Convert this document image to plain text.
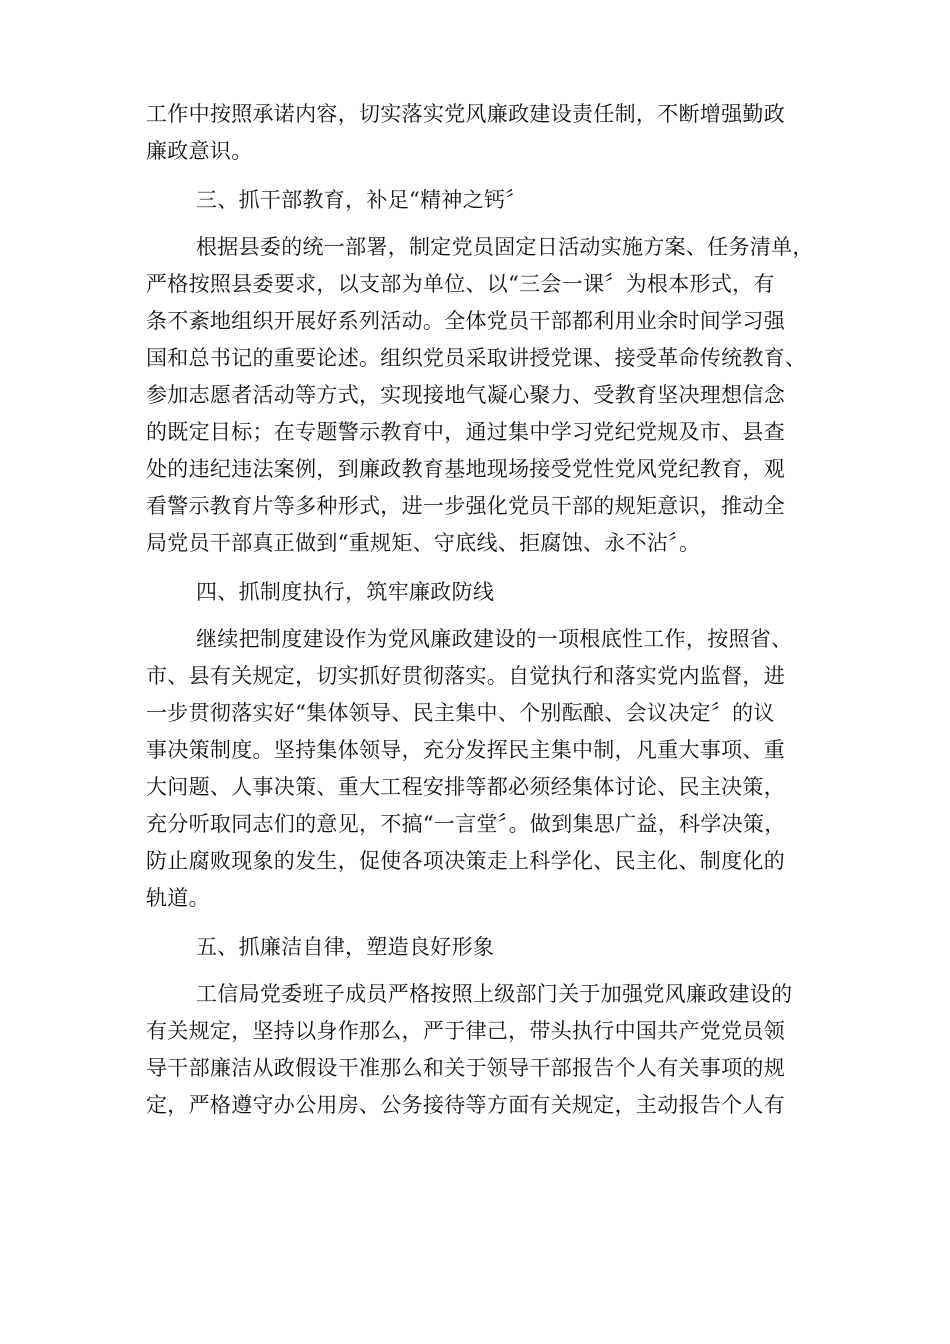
工作中按照承诺内容，切实落实党风廉政建设责任制，不断增强勤政
廉政意识。
三、抓干部教育，补足“精神之钙〞
根据县委的统一部署，制定党员固定日活动实施方案、任务清单，
严格按照县委要求，以支部为单位、以“三会一课〞为根本形式，有
条不紊地组织开展好系列活动。全体党员干部都利用业余时间学习强
国和总书记的重要论述。组织党员采取讲授党课、接受革命传统教育、
参加志愿者活动等方式，实现接地气凝心聚力、受教育坚决理想信念
的既定目标；在专题警示教育中，通过集中学习党纪党规及市、县查
处的违纪违法案例，到廉政教育基地现场接受党性党风党纪教育，观
看警示教育片等多种形式，进一步强化党员干部的规矩意识，推动全
局党员干部真正做到“重规矩、守底线、拒腐蚀、永不沾〞。
四、抓制度执行，筑牢廉政防线
继续把制度建设作为党风廉政建设的一项根底性工作，按照省、
市、县有关规定，切实抓好贯彻落实。自觉执行和落实党内监督，进
一步贯彻落实好“集体领导、民主集中、个别酝酿、会议决定〞的议
事决策制度。坚持集体领导，充分发挥民主集中制，凡重大事项、重
大问题、人事决策、重大工程安排等都必须经集体讨论、民主决策，
充分听取同志们的意见，不搞“一言堂〞。做到集思广益，科学决策，
防止腐败现象的发生，促使各项决策走上科学化、民主化、制度化的
轨道。
五、抓廉洁自律，塑造良好形象
工信局党委班子成员严格按照上级部门关于加强党风廉政建设的
有关规定，坚持以身作那么，严于律己，带头执行中国共产党党员领
导干部廉洁从政假设干准那么和关于领导干部报告个人有关事项的规
定，严格遵守办公用房、公务接待等方面有关规定，主动报告个人有
